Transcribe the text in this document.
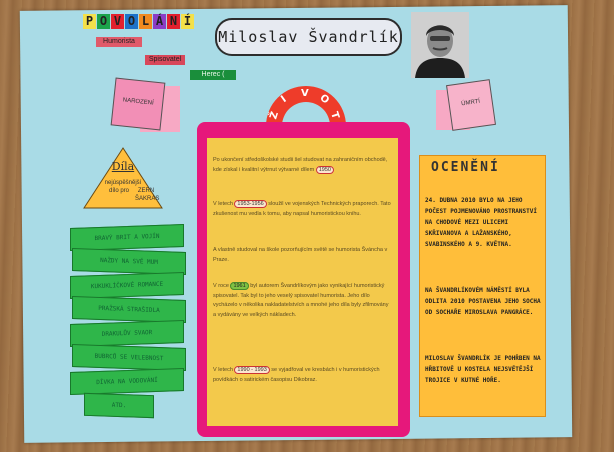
P O V O L Á N Í
Humorista
Spisovatel
Herec (
Miloslav Švandrlík
NAROZENÍ	ÚMRTÍ
Ž
I
V O
T
Po ukončení středoškolské studii šel studovat na zahraničním obchodě, kde získal i kvalitní výtrnut výtvarné dílem 1950
V letech 1953-1956 sloužil ve vojenských Technických praporech. Tato zkušenost mu vedla k tomu, aby napsal humoristickou knihu.
A vlastně studoval na škole pozorňujícím světě se humorista Šváncha v Praze.
V roce 1961 byl autorem Švandrlíkovým jako vynikající humoristický spisovatel. Tak byl to jeho veselý spisovatel humorista. Jeho dílo vycházelo v několika nakladatelstvích a mnohé jeho díla byly zfilmovány a vydávány ve velkých nákladech.
V letech 1990 - 1993 se vyjadřoval ve kresbách i v humoristických povídkách o satirickém časopisu Dikobraz.
Díla
nejúspěšnější
dílo pro	ZERN
ŠAKRAS
BRAVÝ BRIT A VOJÍN
NAŽDY NA SVĚ MUM
KUKUKLÍČKOVÉ ROMANCE
PRAŽSKÁ STRAŠIDLA
DRAKULŮV SVAOR
BUBRCŮ SE VELEBNOST
DÍVKA NA VODOVÁNÍ
ATD.
OCENĚNÍ
24. DUBNA 2010 BYLO NA JEHO POČEST POJMENOVÁNO PROSTRANSTVÍ NA CHODOVÉ MEZI ULICEMI SKŘIVANOVA A LAŽANSKÉHO, SVABINSKÉHO A 9. KVĚTNA.
NA ŠVANDRLÍKOVÉM NÁMĚSTÍ BYLA ODLITA 2010 POSTAVENA JEHO SOCHA OD SOCHAŘE MIROSLAVA PANGRÁCE.
MILOSLAV ŠVANDRLÍK JE POHŘBEN NA HŘBITOVĚ U KOSTELA NEJSVĚTĚJŠÍ TROJICE V KUTNÉ HOŘE.
